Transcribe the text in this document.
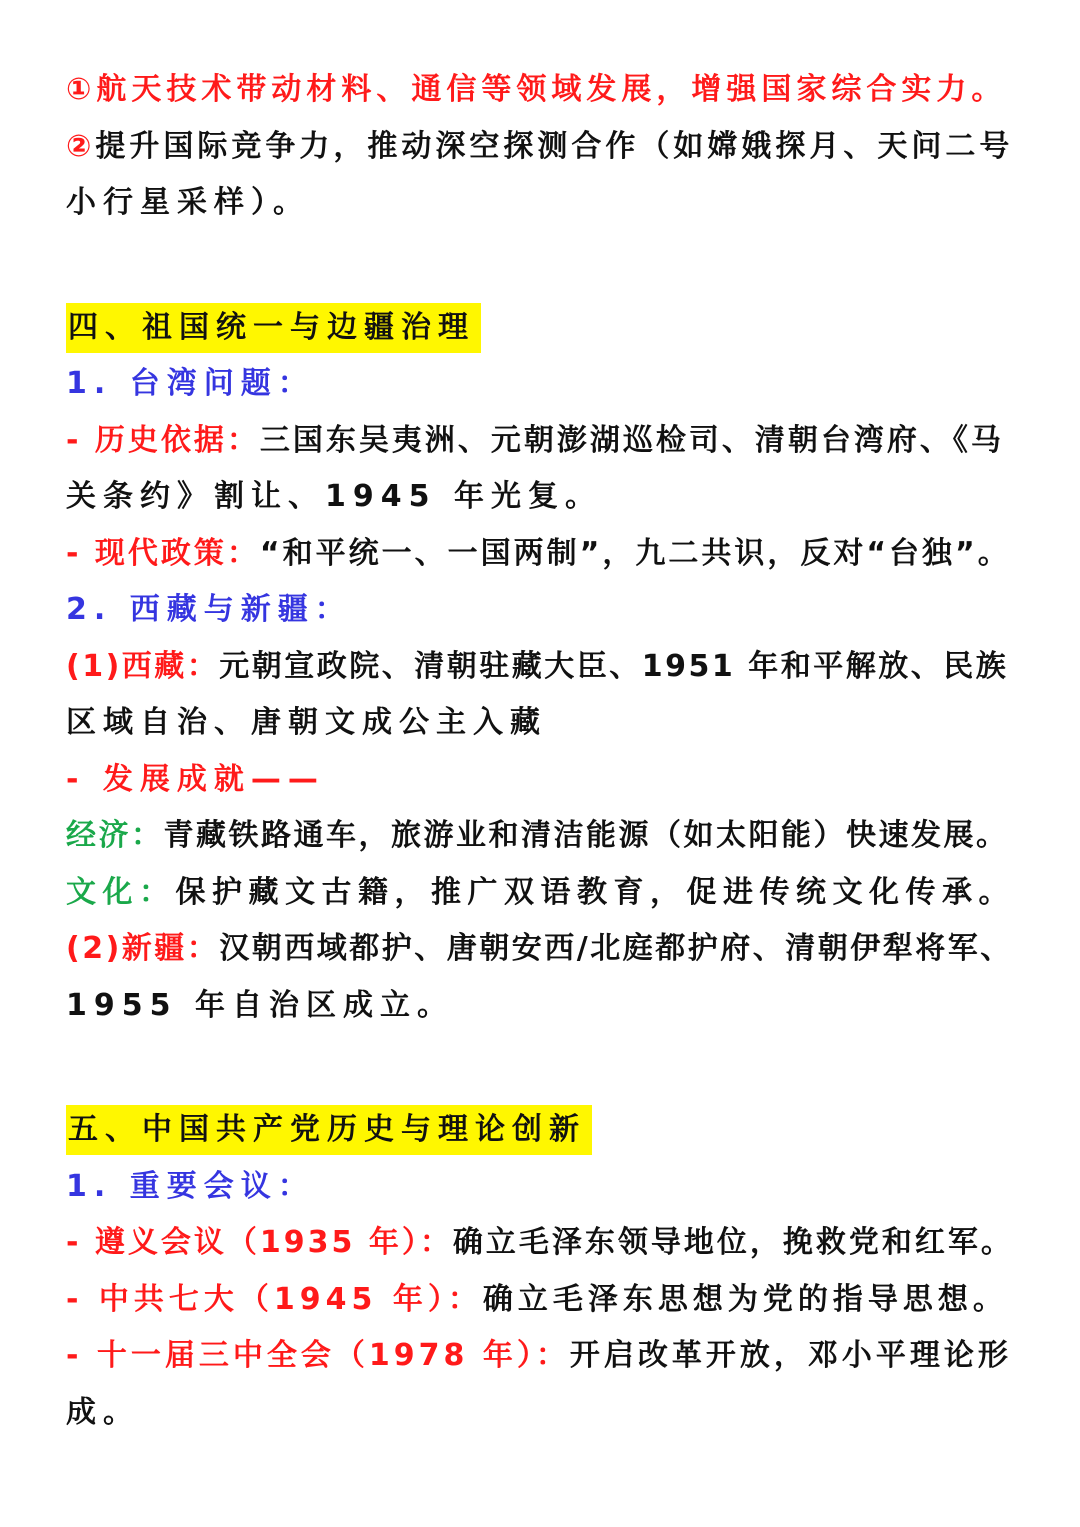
①航天技术带动材料、通信等领域发展，增强国家综合实力。
②提升国际竞争力，推动深空探测合作（如嫦娥探月、天问二号
小行星采样）。
四、祖国统一与边疆治理
1. 台湾问题：
- 历史依据：三国东吴夷洲、元朝澎湖巡检司、清朝台湾府、《马
关条约》割让、1945 年光复。
- 现代政策：“和平统一、一国两制”，九二共识，反对“台独”。
2. 西藏与新疆：
(1)西藏：元朝宣政院、清朝驻藏大臣、1951 年和平解放、民族
区域自治、唐朝文成公主入藏
- 发展成就——
经济：青藏铁路通车，旅游业和清洁能源（如太阳能）快速发展。
文化：保护藏文古籍，推广双语教育，促进传统文化传承。
(2)新疆：汉朝西域都护、唐朝安西/北庭都护府、清朝伊犁将军、
1955 年自治区成立。
五、中国共产党历史与理论创新
1. 重要会议：
- 遵义会议（1935 年）：确立毛泽东领导地位，挽救党和红军。
- 中共七大（1945 年）：确立毛泽东思想为党的指导思想。
- 十一届三中全会（1978 年）：开启改革开放，邓小平理论形
成。
